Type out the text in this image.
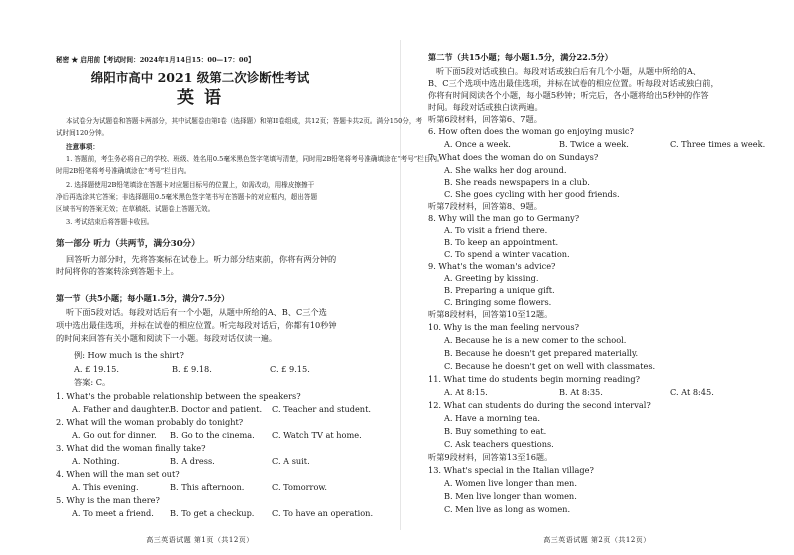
秘密 ★ 启用前【考试时间：2024年1月14日15：00—17：00】
绵阳市高中 2021 级第二次诊断性考试
英 语
本试卷分为试题卷和答题卡两部分，其中试题卷由第I卷（选择题）和第II卷组成，共12页；答题卡共2页。满分150分，考
试时间120分钟。
注意事项：
1. 答题前，考生务必将自己的学校、班级、姓名用0.5毫米黑色签字笔填写清楚，同时用2B铅笔将考号准确填涂在“考号”栏目内。
时用2B铅笔将考号准确填涂在“考号”栏目内。
2. 选择题使用2B铅笔填涂在答题卡对应题目标号的位置上，如需改动，用橡皮擦擦干
净后再选涂其它答案；非选择题用0.5毫米黑色签字笔书写在答题卡的对应框内，超出答题
区域书写的答案无效；在草稿纸、试题卷上答题无效。
3. 考试结束后将答题卡收回。
第一部分 听力（共两节，满分30分）
回答听力部分时，先将答案标在试卷上。听力部分结束前，你将有两分钟的
时间将你的答案转涂到答题卡上。
第一节（共5小题；每小题1.5分，满分7.5分）
听下面5段对话。每段对话后有一个小题，从题中所给的A、B、C三个选
项中选出最佳选项，并标在试卷的相应位置。听完每段对话后，你都有10秒钟
的时间来回答有关小题和阅读下一小题。每段对话仅读一遍。
例: How much is the shirt?
A. £ 19.15.	B. £ 9.18.	C. £ 9.15.
答案: C。
1. What's the probable relationship between the speakers?
A. Father and daughter. B. Doctor and patient. C. Teacher and student.
2. What will the woman probably do tonight?
A. Go out for dinner. B. Go to the cinema. C. Watch TV at home.
3. What did the woman finally take?
A. Nothing.	B. A dress.	C. A suit.
4. When will the man set out?
A. This evening.	B. This afternoon.	C. Tomorrow.
5. Why is the man there?
A. To meet a friend. B. To get a checkup. C. To have an operation.
高三英语试题 第1页（共12页）
第二节（共15小题；每小题1.5分，满分22.5分）
听下面5段对话或独白。每段对话或独白后有几个小题，从题中所给的A、
B、C三个选项中选出最佳选项，并标在试卷的相应位置。听每段对话或独白前，
你将有时间阅读各个小题，每小题5秒钟；听完后，各小题将给出5秒钟的作答
时间。每段对话或独白读两遍。
听第6段材料，回答第6、7题。
6. How often does the woman go enjoying music?
A. Once a week.	B. Twice a week.	C. Three times a week.
7. What does the woman do on Sundays?
A. She walks her dog around.
B. She reads newspapers in a club.
C. She goes cycling with her good friends.
听第7段材料，回答第8、9题。
8. Why will the man go to Germany?
A. To visit a friend there.
B. To keep an appointment.
C. To spend a winter vacation.
9. What's the woman's advice?
A. Greeting by kissing.
B. Preparing a unique gift.
C. Bringing some flowers.
听第8段材料，回答第10至12题。
10. Why is the man feeling nervous?
A. Because he is a new comer to the school.
B. Because he doesn't get prepared materially.
C. Because he doesn't get on well with classmates.
11. What time do students begin morning reading?
A. At 8:15.	B. At 8:35.	C. At 8:45.
12. What can students do during the second interval?
A. Have a morning tea.
B. Buy something to eat.
C. Ask teachers questions.
听第9段材料，回答第13至16题。
13. What's special in the Italian village?
A. Women live longer than men.
B. Men live longer than women.
C. Men live as long as women.
高三英语试题 第2页（共12页）
